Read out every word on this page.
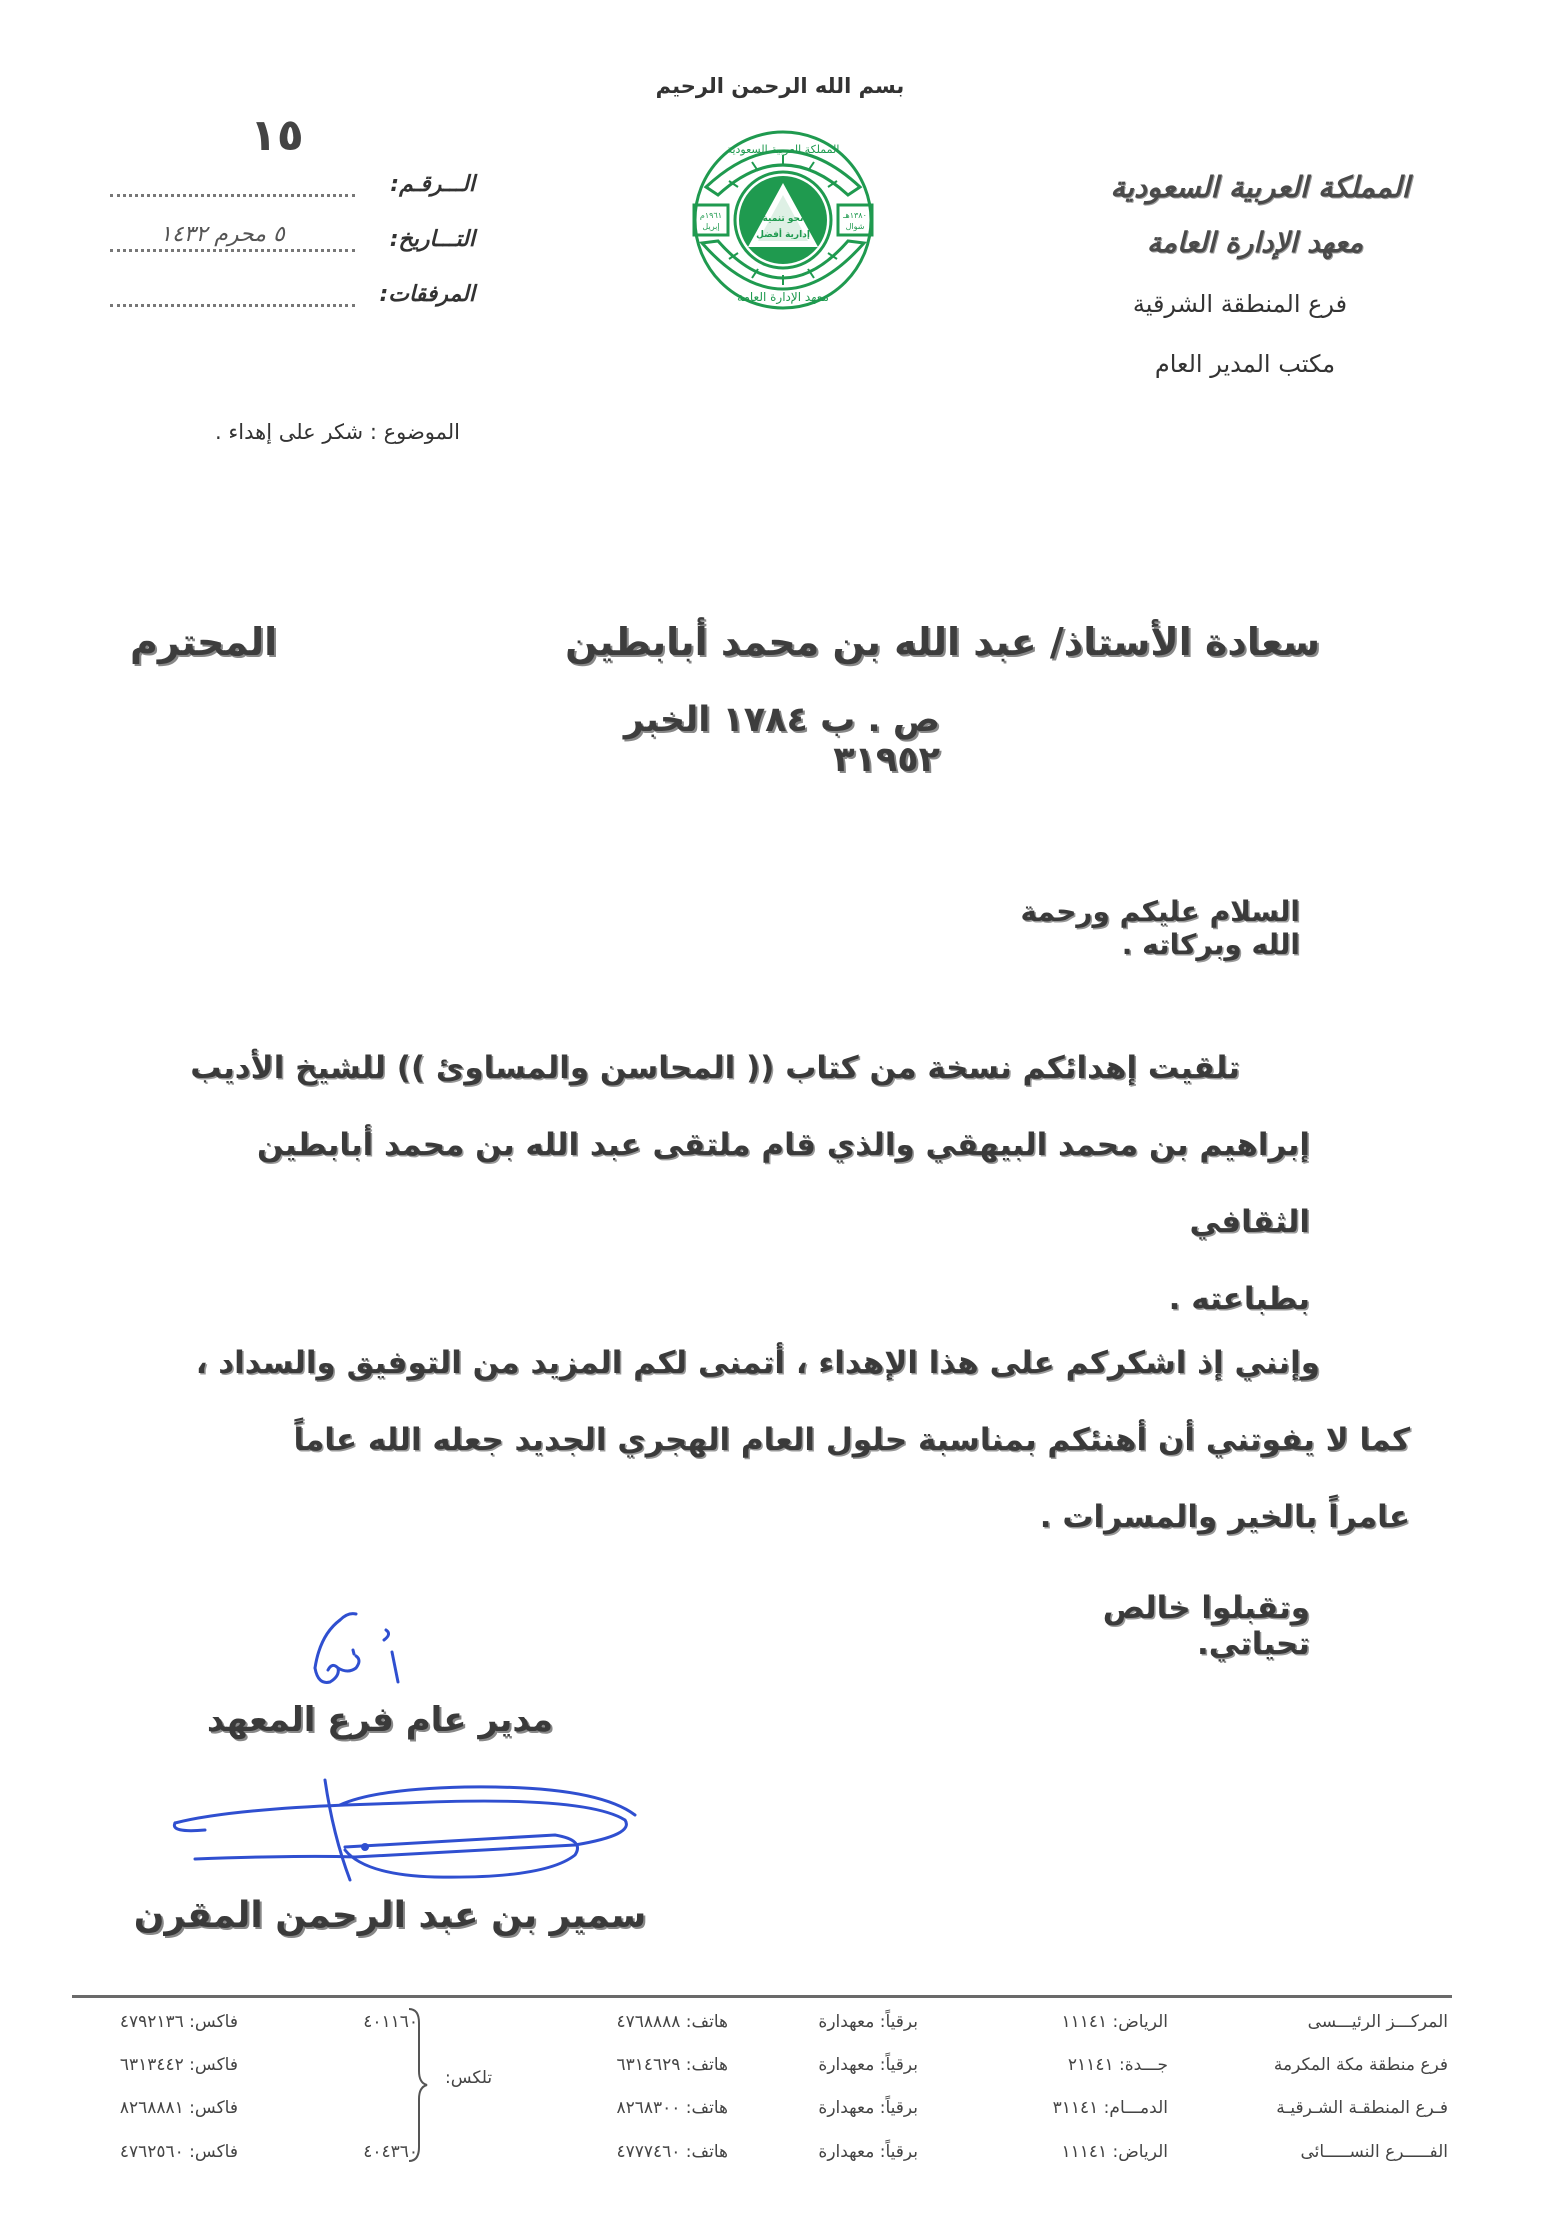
بسم الله الرحمن الرحيم
نحو تنمية
إدارية أفضل
المملكة العربية السعودية
معهد الإدارة العامة
١٩٦١م
إبريل
١٣٨٠هـ
شوال
المملكة العربية السعودية
معهد الإدارة العامة
فرع المنطقة الشرقية
مكتب المدير العام
١٥
الـــرقـم:
التـــاريخ:
٥ محرم ١٤٣٢
المرفقات:
الموضوع : شكر على إهداء .
سعادة الأستاذ/ عبد الله بن محمد أبابطين
المحترم
ص . ب ١٧٨٤ الخبر ٣١٩٥٢
السلام عليكم ورحمة الله وبركاته .
تلقيت إهدائكم نسخة من كتاب (( المحاسن والمساوئ )) للشيخ الأديب
إبراهيم بن محمد البيهقي والذي قام ملتقى عبد الله بن محمد أبابطين الثقافي
بطباعته .
وإنني إذ اشكركم على هذا الإهداء ، أتمنى لكم المزيد من التوفيق والسداد ،
كما لا يفوتني أن أهنئكم بمناسبة حلول العام الهجري الجديد جعله الله عاماً
عامراً بالخير والمسرات .
وتقبلوا خالص تحياتي.
مدير عام فرع المعهد
سمير بن عبد الرحمن المقرن
تلكس:
المركـــز الرئيـــسى
الرياض: ١١١٤١
برقياً: معهدارة
هاتف: ٤٧٦٨٨٨٨
٤٠١١٦٠
فاكس: ٤٧٩٢١٣٦
فرع منطقة مكة المكرمة
جـــدة: ٢١١٤١
برقياً: معهدارة
هاتف: ٦٣١٤٦٢٩
فاكس: ٦٣١٣٤٤٢
فـرع المنطقـة الشـرقيـة
الدمـــام: ٣١١٤١
برقياً: معهدارة
هاتف: ٨٢٦٨٣٠٠
فاكس: ٨٢٦٨٨٨١
الفـــــرع النســـــائى
الرياض: ١١١٤١
برقياً: معهدارة
هاتف: ٤٧٧٧٤٦٠
٤٠٤٣٦٠
فاكس: ٤٧٦٢٥٦٠
